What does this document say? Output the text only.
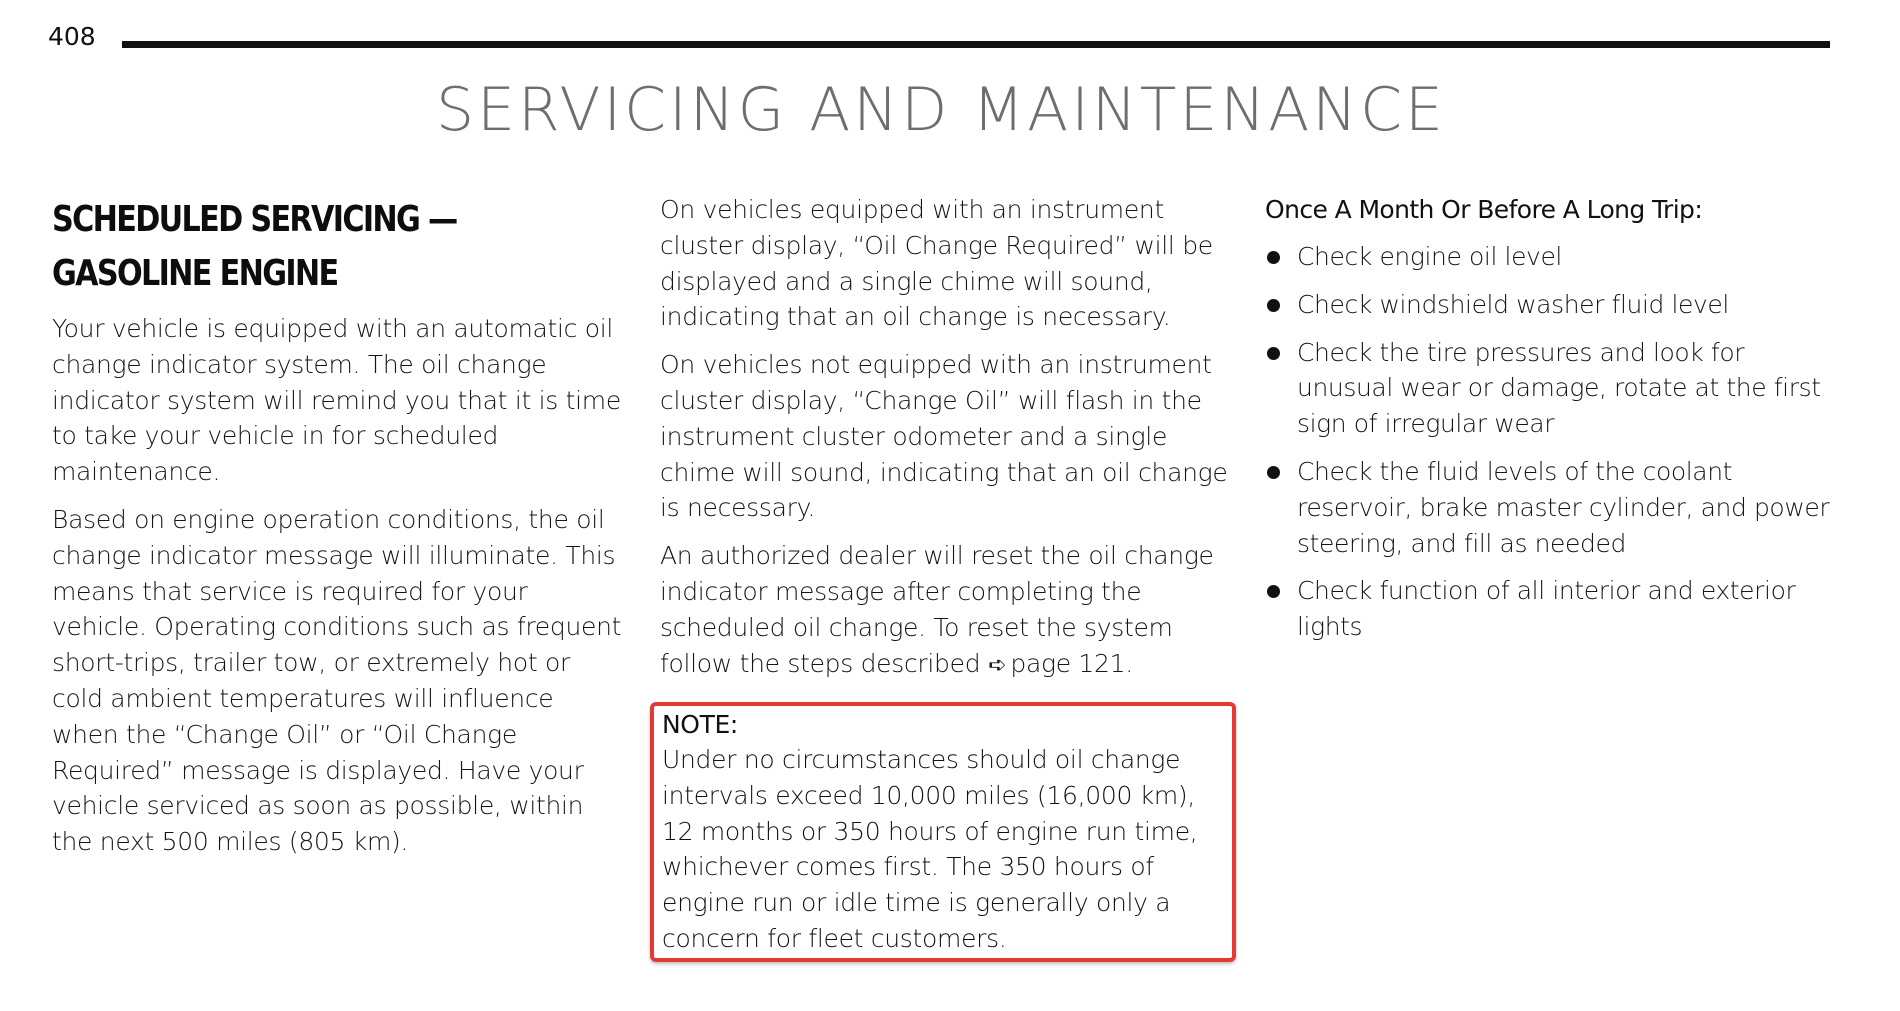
408
SERVICING AND MAINTENANCE
SCHEDULED SERVICING — GASOLINE ENGINE

Your vehicle is equipped with an automatic oil change indicator system. The oil change indicator system will remind you that it is time to take your vehicle in for scheduled maintenance.

Based on engine operation conditions, the oil change indicator message will illuminate. This means that service is required for your vehicle. Operating conditions such as frequent short-trips, trailer tow, or extremely hot or cold ambient temperatures will influence when the “Change Oil” or “Oil Change Required” message is displayed. Have your vehicle serviced as soon as possible, within the next 500 miles (805 km).

On vehicles equipped with an instrument cluster display, “Oil Change Required” will be displayed and a single chime will sound, indicating that an oil change is necessary.

On vehicles not equipped with an instrument cluster display, “Change Oil” will flash in the instrument cluster odometer and a single chime will sound, indicating that an oil change is necessary.

An authorized dealer will reset the oil change indicator message after completing the scheduled oil change. To reset the system follow the steps described ➪ page 121.

NOTE:

Under no circumstances should oil change intervals exceed 10,000 miles (16,000 km), 12 months or 350 hours of engine run time, whichever comes first. The 350 hours of engine run or idle time is generally only a concern for fleet customers.

Once A Month Or Before A Long Trip:
Check engine oil level
Check windshield washer fluid level
Check the tire pressures and look for unusual wear or damage, rotate at the first sign of irregular wear
Check the fluid levels of the coolant reservoir, brake master cylinder, and power steering, and fill as needed
Check function of all interior and exterior lights
